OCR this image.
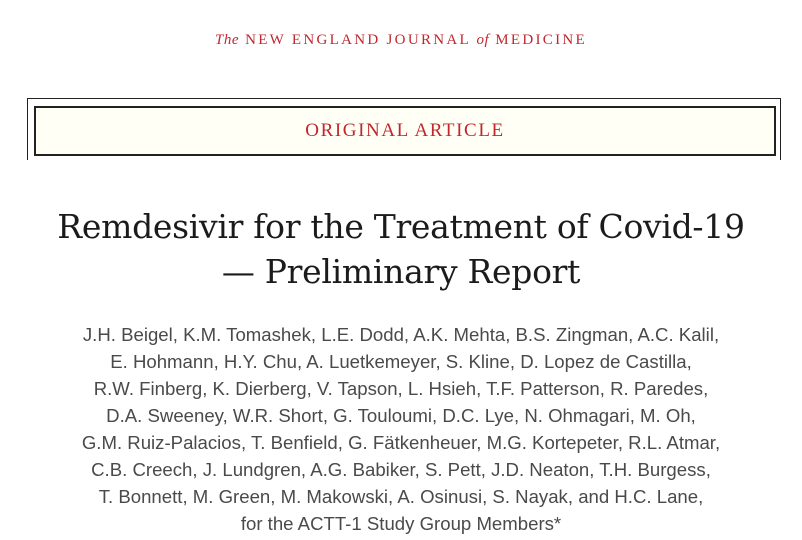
The NEW ENGLAND JOURNAL of MEDICINE
ORIGINAL ARTICLE
Remdesivir for the Treatment of Covid-19
— Preliminary Report
J.H. Beigel, K.M. Tomashek, L.E. Dodd, A.K. Mehta, B.S. Zingman, A.C. Kalil,
E. Hohmann, H.Y. Chu, A. Luetkemeyer, S. Kline, D. Lopez de Castilla,
R.W. Finberg, K. Dierberg, V. Tapson, L. Hsieh, T.F. Patterson, R. Paredes,
D.A. Sweeney, W.R. Short, G. Touloumi, D.C. Lye, N. Ohmagari, M. Oh,
G.M. Ruiz-Palacios, T. Benfield, G. Fätkenheuer, M.G. Kortepeter, R.L. Atmar,
C.B. Creech, J. Lundgren, A.G. Babiker, S. Pett, J.D. Neaton, T.H. Burgess,
T. Bonnett, M. Green, M. Makowski, A. Osinusi, S. Nayak, and H.C. Lane,
for the ACTT-1 Study Group Members*
